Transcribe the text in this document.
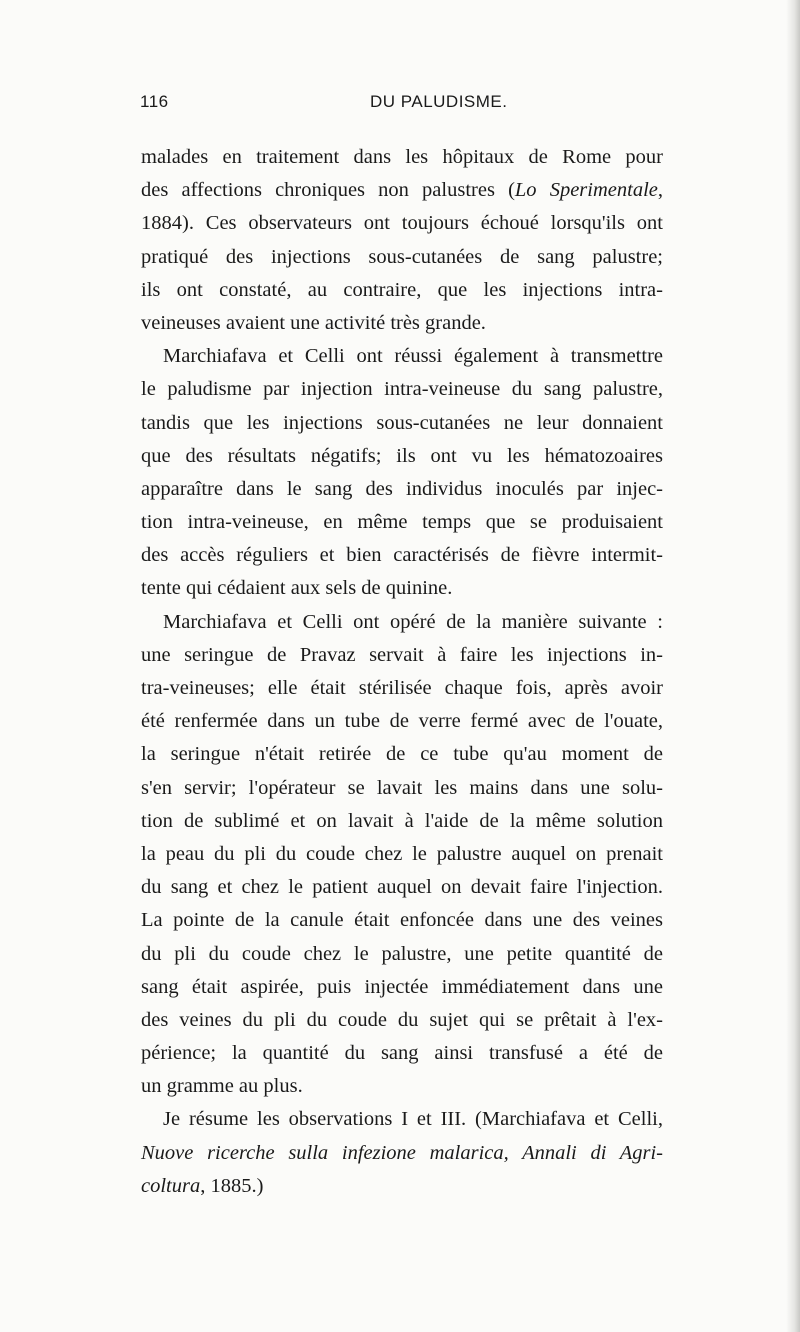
116	DU PALUDISME.
malades en traitement dans les hôpitaux de Rome pour
des affections chroniques non palustres (Lo Sperimentale,
1884). Ces observateurs ont toujours échoué lorsqu'ils ont
pratiqué des injections sous-cutanées de sang palustre;
ils ont constaté, au contraire, que les injections intra-
veineuses avaient une activité très grande.
Marchiafava et Celli ont réussi également à transmettre
le paludisme par injection intra-veineuse du sang palustre,
tandis que les injections sous-cutanées ne leur donnaient
que des résultats négatifs; ils ont vu les hématozoaires
apparaître dans le sang des individus inoculés par injec-
tion intra-veineuse, en même temps que se produisaient
des accès réguliers et bien caractérisés de fièvre intermit-
tente qui cédaient aux sels de quinine.
Marchiafava et Celli ont opéré de la manière suivante :
une seringue de Pravaz servait à faire les injections in-
tra-veineuses; elle était stérilisée chaque fois, après avoir
été renfermée dans un tube de verre fermé avec de l'ouate,
la seringue n'était retirée de ce tube qu'au moment de
s'en servir; l'opérateur se lavait les mains dans une solu-
tion de sublimé et on lavait à l'aide de la même solution
la peau du pli du coude chez le palustre auquel on prenait
du sang et chez le patient auquel on devait faire l'injection.
La pointe de la canule était enfoncée dans une des veines
du pli du coude chez le palustre, une petite quantité de
sang était aspirée, puis injectée immédiatement dans une
des veines du pli du coude du sujet qui se prêtait à l'ex-
périence; la quantité du sang ainsi transfusé a été de
un gramme au plus.
Je résume les observations I et III. (Marchiafava et Celli,
Nuove ricerche sulla infezione malarica, Annali di Agri-
coltura, 1885.)
